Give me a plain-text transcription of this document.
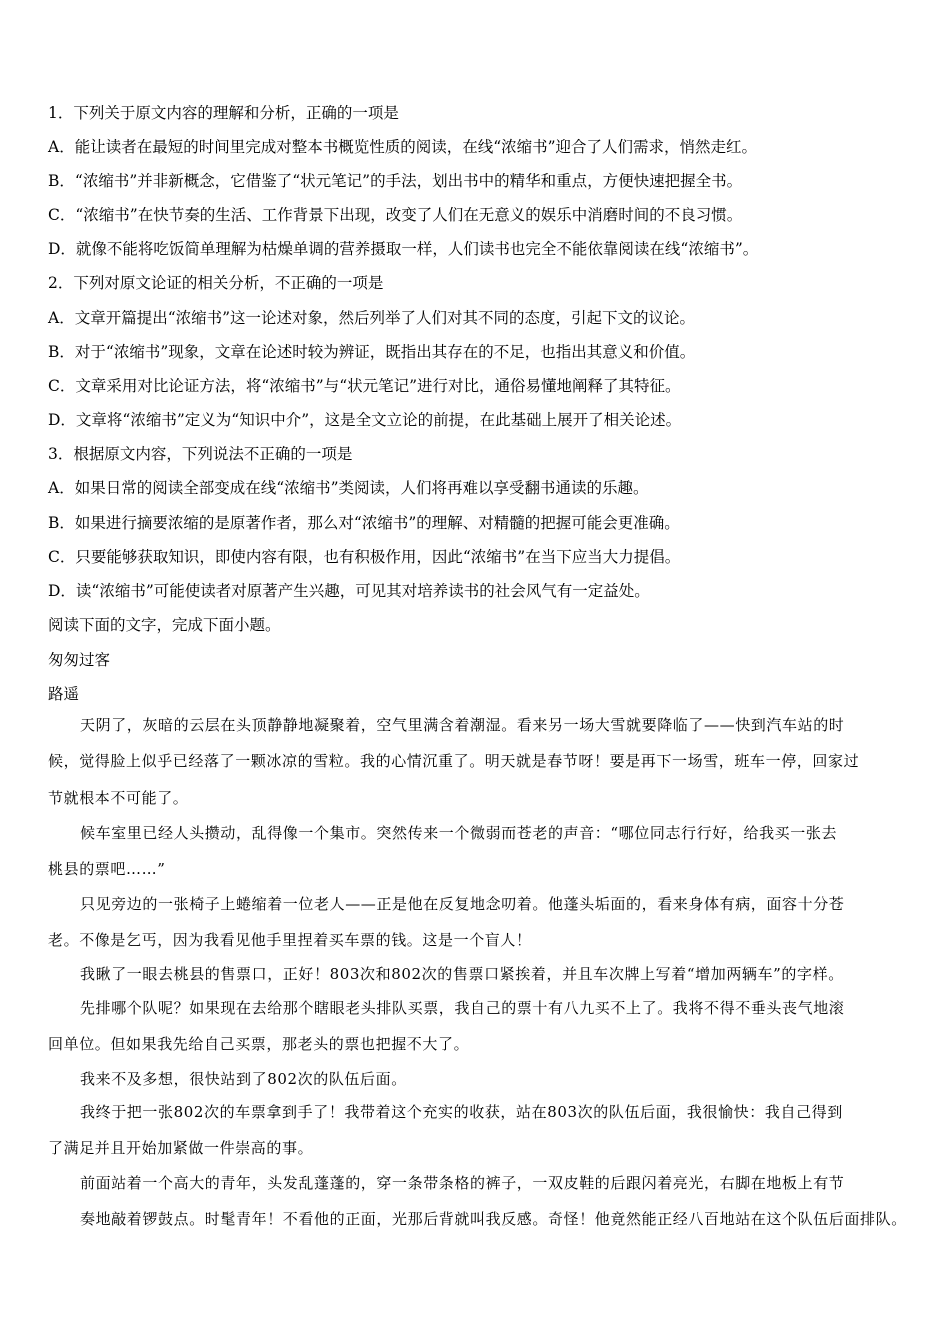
1．下列关于原文内容的理解和分析，正确的一项是
A．能让读者在最短的时间里完成对整本书概览性质的阅读，在线“浓缩书”迎合了人们需求，悄然走红。
B．“浓缩书”并非新概念，它借鉴了“状元笔记”的手法，划出书中的精华和重点，方便快速把握全书。
C．“浓缩书”在快节奏的生活、工作背景下出现，改变了人们在无意义的娱乐中消磨时间的不良习惯。
D．就像不能将吃饭简单理解为枯燥单调的营养摄取一样，人们读书也完全不能依靠阅读在线“浓缩书”。
2．下列对原文论证的相关分析，不正确的一项是
A．文章开篇提出“浓缩书”这一论述对象，然后列举了人们对其不同的态度，引起下文的议论。
B．对于“浓缩书”现象，文章在论述时较为辨证，既指出其存在的不足，也指出其意义和价值。
C．文章采用对比论证方法，将“浓缩书”与“状元笔记”进行对比，通俗易懂地阐释了其特征。
D．文章将“浓缩书”定义为“知识中介”，这是全文立论的前提，在此基础上展开了相关论述。
3．根据原文内容，下列说法不正确的一项是
A．如果日常的阅读全部变成在线“浓缩书”类阅读，人们将再难以享受翻书通读的乐趣。
B．如果进行摘要浓缩的是原著作者，那么对“浓缩书”的理解、对精髓的把握可能会更准确。
C．只要能够获取知识，即使内容有限，也有积极作用，因此“浓缩书”在当下应当大力提倡。
D．读“浓缩书”可能使读者对原著产生兴趣，可见其对培养读书的社会风气有一定益处。
阅读下面的文字，完成下面小题。
匆匆过客
路遥
天阴了，灰暗的云层在头顶静静地凝聚着，空气里满含着潮湿。看来另一场大雪就要降临了——快到汽车站的时
候，觉得脸上似乎已经落了一颗冰凉的雪粒。我的心情沉重了。明天就是春节呀！要是再下一场雪，班车一停，回家过
节就根本不可能了。
候车室里已经人头攒动，乱得像一个集市。突然传来一个微弱而苍老的声音：“哪位同志行行好，给我买一张去
桃县的票吧……”
只见旁边的一张椅子上蜷缩着一位老人——正是他在反复地念叨着。他蓬头垢面的，看来身体有病，面容十分苍
老。不像是乞丐，因为我看见他手里捏着买车票的钱。这是一个盲人！
我瞅了一眼去桃县的售票口，正好！803次和802次的售票口紧挨着，并且车次牌上写着“增加两辆车”的字样。
先排哪个队呢？如果现在去给那个瞎眼老头排队买票，我自己的票十有八九买不上了。我将不得不垂头丧气地滚
回单位。但如果我先给自己买票，那老头的票也把握不大了。
我来不及多想，很快站到了802次的队伍后面。
我终于把一张802次的车票拿到手了！我带着这个充实的收获，站在803次的队伍后面，我很愉快：我自己得到
了满足并且开始加紧做一件崇高的事。
前面站着一个高大的青年，头发乱蓬蓬的，穿一条带条格的裤子，一双皮鞋的后跟闪着亮光，右脚在地板上有节
奏地敲着锣鼓点。时髦青年！不看他的正面，光那后背就叫我反感。奇怪！他竟然能正经八百地站在这个队伍后面排队。
